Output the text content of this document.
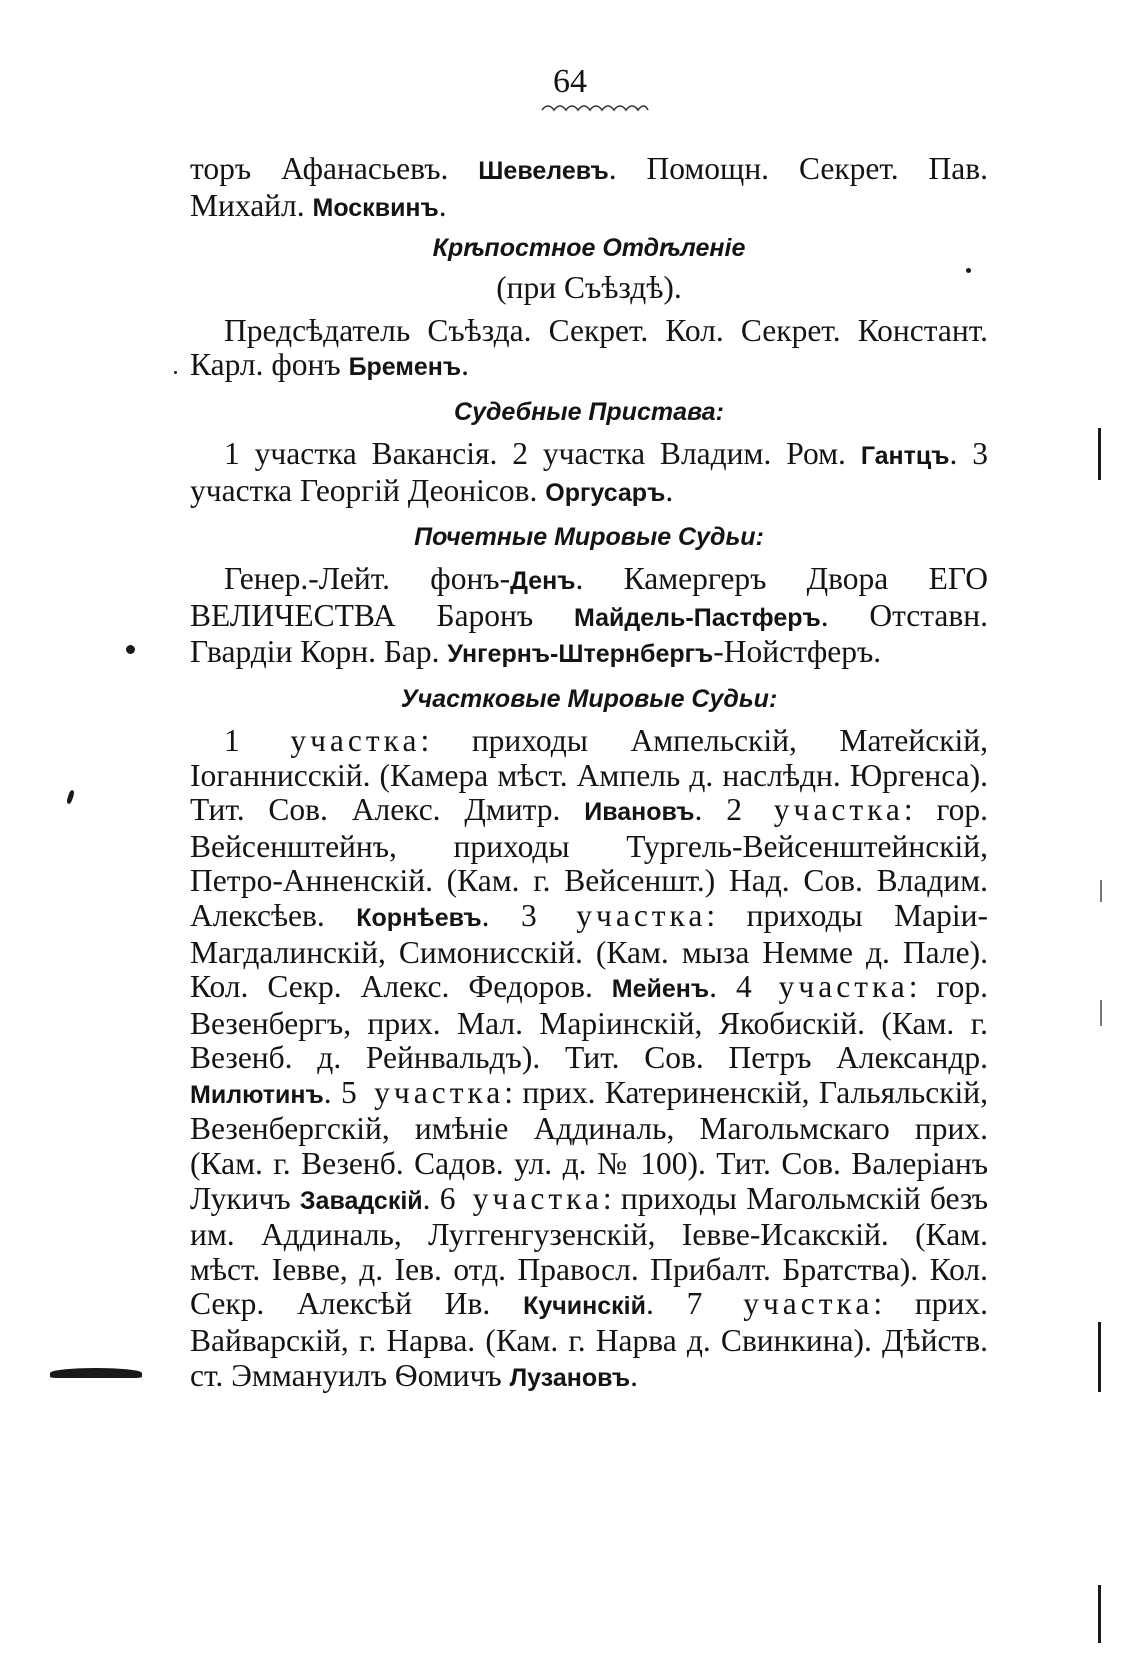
64

торъ Афанасьевъ. Шевелевъ. Помощн. Секрет. Пав. Михайл. Москвинъ.

Крѣпостное Отдѣленіе

(при Съѣздѣ).

Предсѣдатель Съѣзда. Секрет. Кол. Секрет. Констант. Карл. фонъ Бременъ.

Судебные Пристава:

1 участка Вакансія. 2 участка Владим. Ром. Гантцъ. 3 участка Георгій Деонісов. Оргусаръ.

Почетные Мировые Судьи:

Генер.-Лейт. фонъ-Денъ. Камергеръ Двора ЕГО ВЕЛИЧЕСТВА Баронъ Майдель-Пастферъ. Отставн. Гвардіи Корн. Бар. Унгернъ-Штернбергъ-Нойстферъ.

Участковые Мировые Судьи:

1 участка: приходы Ампельскій, Матейскій, Іоганнисскій. (Камера мѣст. Ампель д. наслѣдн. Юргенса). Тит. Сов. Алекс. Дмитр. Ивановъ. 2 участка: гор. Вейсенштейнъ, приходы Тургель-Вейсенштейнскій, Петро-Анненскій. (Кам. г. Вейсеншт.) Над. Сов. Владим. Алексѣев. Корнѣевъ. 3 участка: приходы Маріи-Магдалинскій, Симонисскій. (Кам. мыза Немме д. Пале). Кол. Секр. Алекс. Федоров. Мейенъ. 4 участка: гор. Везенбергъ, прих. Мал. Маріинскій, Якобискій. (Кам. г. Везенб. д. Рейнвальдъ). Тит. Сов. Петръ Александр. Милютинъ. 5 участка: прих. Катериненскій, Гальяльскій, Везенбергскій, имѣніе Аддиналь, Магольмскаго прих. (Кам. г. Везенб. Садов. ул. д. № 100). Тит. Сов. Валеріанъ Лукичъ Завадскій. 6 участка: приходы Магольмскій безъ им. Аддиналь, Луггенгузенскій, Іевве-Исакскій. (Кам. мѣст. Іевве, д. Іев. отд. Правосл. Прибалт. Братства). Кол. Секр. Алексѣй Ив. Кучинскій. 7 участка: прих. Вайварскій, г. Нарва. (Кам. г. Нарва д. Свинкина). Дѣйств. ст. Эммануилъ Ѳомичъ Лузановъ.
